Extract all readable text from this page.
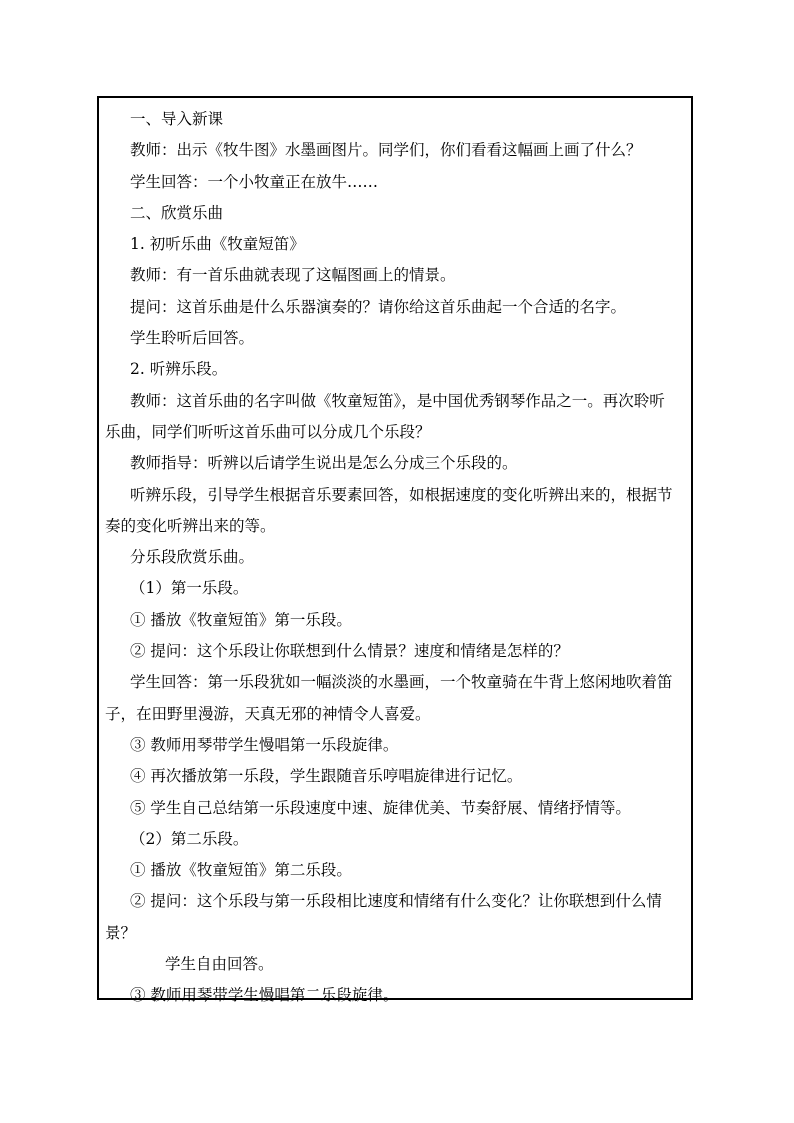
一、导入新课
教师：出示《牧牛图》水墨画图片。同学们，你们看看这幅画上画了什么？
学生回答：一个小牧童正在放牛……
二、欣赏乐曲
1. 初听乐曲《牧童短笛》
教师：有一首乐曲就表现了这幅图画上的情景。
提问：这首乐曲是什么乐器演奏的？请你给这首乐曲起一个合适的名字。
学生聆听后回答。
2. 听辨乐段。
教师：这首乐曲的名字叫做《牧童短笛》，是中国优秀钢琴作品之一。再次聆听
乐曲，同学们听听这首乐曲可以分成几个乐段？
教师指导：听辨以后请学生说出是怎么分成三个乐段的。
听辨乐段，引导学生根据音乐要素回答，如根据速度的变化听辨出来的，根据节
奏的变化听辨出来的等。
分乐段欣赏乐曲。
（1）第一乐段。
① 播放《牧童短笛》第一乐段。
② 提问：这个乐段让你联想到什么情景？速度和情绪是怎样的？
学生回答：第一乐段犹如一幅淡淡的水墨画，一个牧童骑在牛背上悠闲地吹着笛
子，在田野里漫游，天真无邪的神情令人喜爱。
③ 教师用琴带学生慢唱第一乐段旋律。
④ 再次播放第一乐段，学生跟随音乐哼唱旋律进行记忆。
⑤ 学生自己总结第一乐段速度中速、旋律优美、节奏舒展、情绪抒情等。
（2）第二乐段。
① 播放《牧童短笛》第二乐段。
② 提问：这个乐段与第一乐段相比速度和情绪有什么变化？让你联想到什么情
景？
学生自由回答。
③ 教师用琴带学生慢唱第二乐段旋律。
